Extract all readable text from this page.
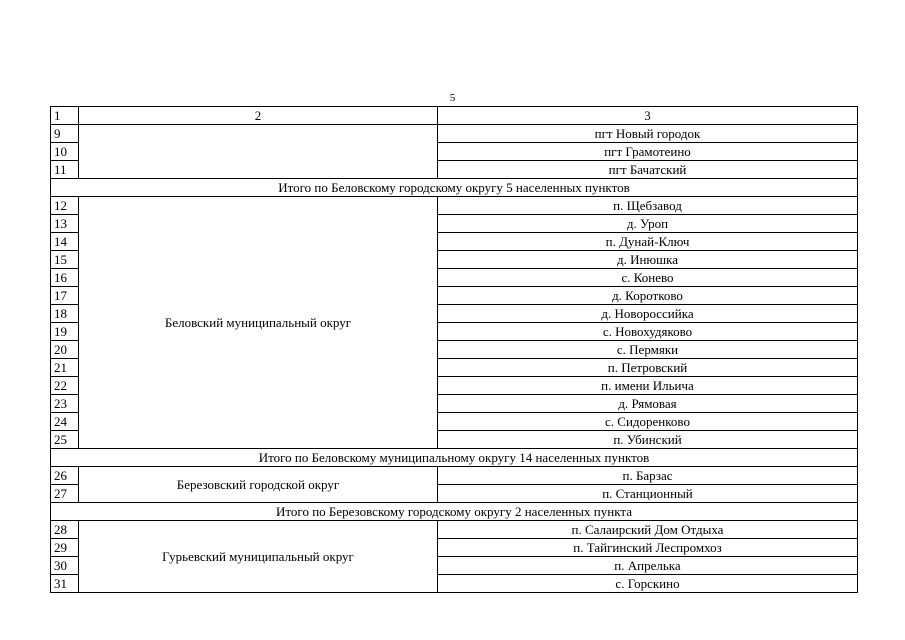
5
1	2	3
9		пгт Новый городок
10		пгт Грамотеино
11		пгт Бачатский
Итого по Беловскому городскому округу 5 населенных пунктов		
12	Беловский муниципальный округ	п. Щебзавод
13		д. Уроп
14		п. Дунай-Ключ
15		д. Инюшка
16		с. Конево
17		д. Коротково
18		д. Новороссийка
19		с. Новохудяково
20		с. Пермяки
21		п. Петровский
22		п. имени Ильича
23		д. Рямовая
24		с. Сидоренково
25		п. Убинский
Итого по Беловскому муниципальному округу 14 населенных пунктов		
26	Березовский городской округ	п. Барзас
27		п. Станционный
Итого по Березовскому городскому округу 2 населенных пункта		
28	Гурьевский муниципальный округ	п. Салаирский Дом Отдыха
29		п. Тайгинский Леспромхоз
30		п. Апрелька
31		с. Горскино
